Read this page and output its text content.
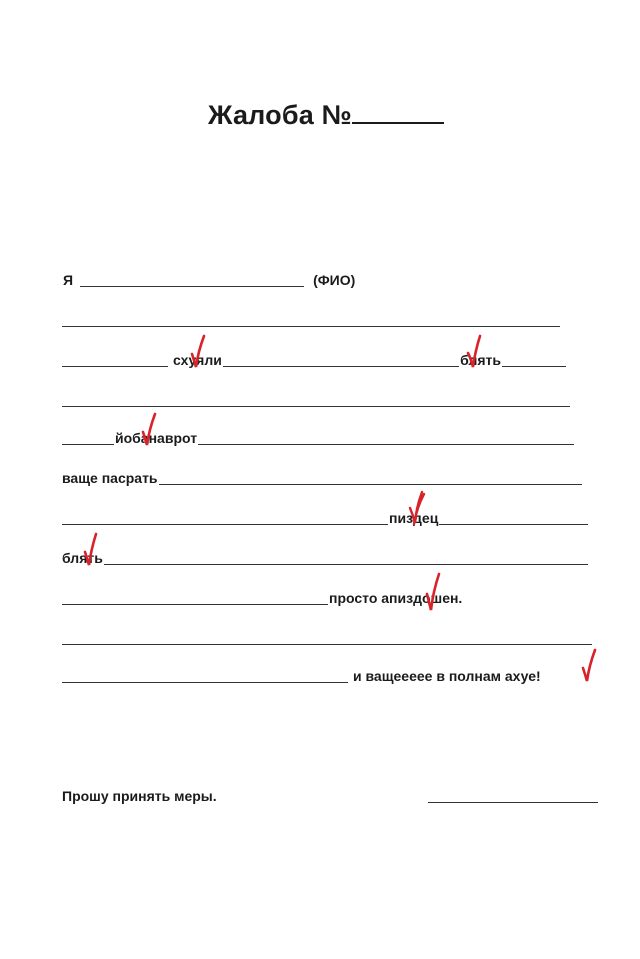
Жалоба №
Я	(ФИО)
схуяли	блять
йобанаврот
ваще пасрать
пиздец
блять
просто апиздошен.
и ващеееее в полнам ахуе!
Прошу принять меры.
